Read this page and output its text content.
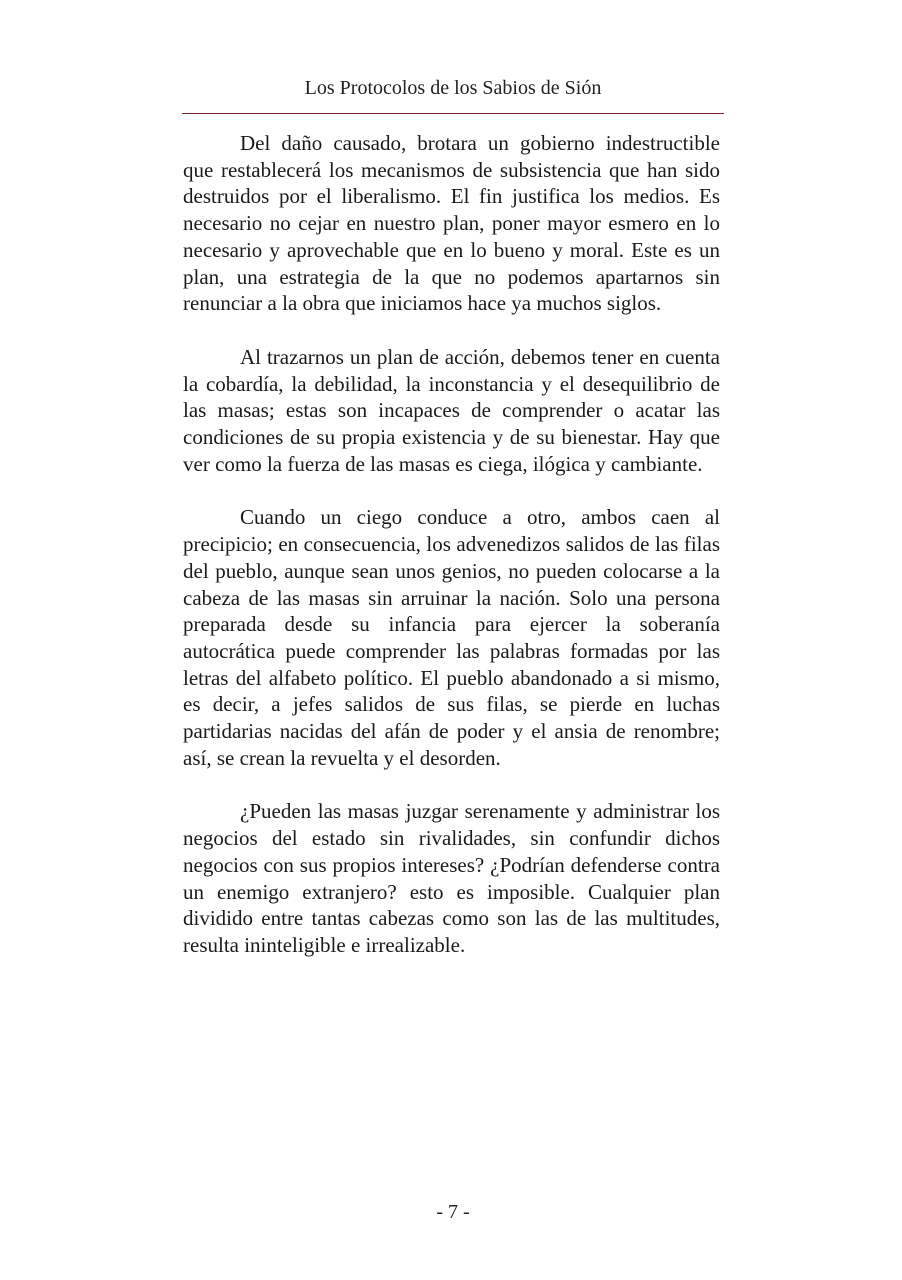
Los Protocolos de los Sabios de Sión

Del daño causado, brotara un gobierno indestructible que restablecerá los mecanismos de subsistencia que han sido destruidos por el liberalismo. El fin justifica los medios. Es necesario no cejar en nuestro plan, poner mayor esmero en lo necesario y aprovechable que en lo bueno y moral. Este es un plan, una estrategia de la que no podemos apartarnos sin renunciar a la obra que iniciamos hace ya muchos siglos.

Al trazarnos un plan de acción, debemos tener en cuenta la cobardía, la debilidad, la inconstancia y el desequilibrio de las masas; estas son incapaces de comprender o acatar las condiciones de su propia existencia y de su bienestar. Hay que ver como la fuerza de las masas es ciega, ilógica y cambiante.

Cuando un ciego conduce a otro, ambos caen al precipicio; en consecuencia, los advenedizos salidos de las filas del pueblo, aunque sean unos genios, no pueden colocarse a la cabeza de las masas sin arruinar la nación. Solo una persona preparada desde su infancia para ejercer la soberanía autocrática puede comprender las palabras formadas por las letras del alfabeto político. El pueblo abandonado a si mismo, es decir, a jefes salidos de sus filas, se pierde en luchas partidarias nacidas del afán de poder y el ansia de renombre; así, se crean la revuelta y el desorden.

¿Pueden las masas juzgar serenamente y administrar los negocios del estado sin rivalidades, sin confundir dichos negocios con sus propios intereses? ¿Podrían defenderse contra un enemigo extranjero? esto es imposible. Cualquier plan dividido entre tantas cabezas como son las de las multitudes, resulta ininteligible e irrealizable.

- 7 -
